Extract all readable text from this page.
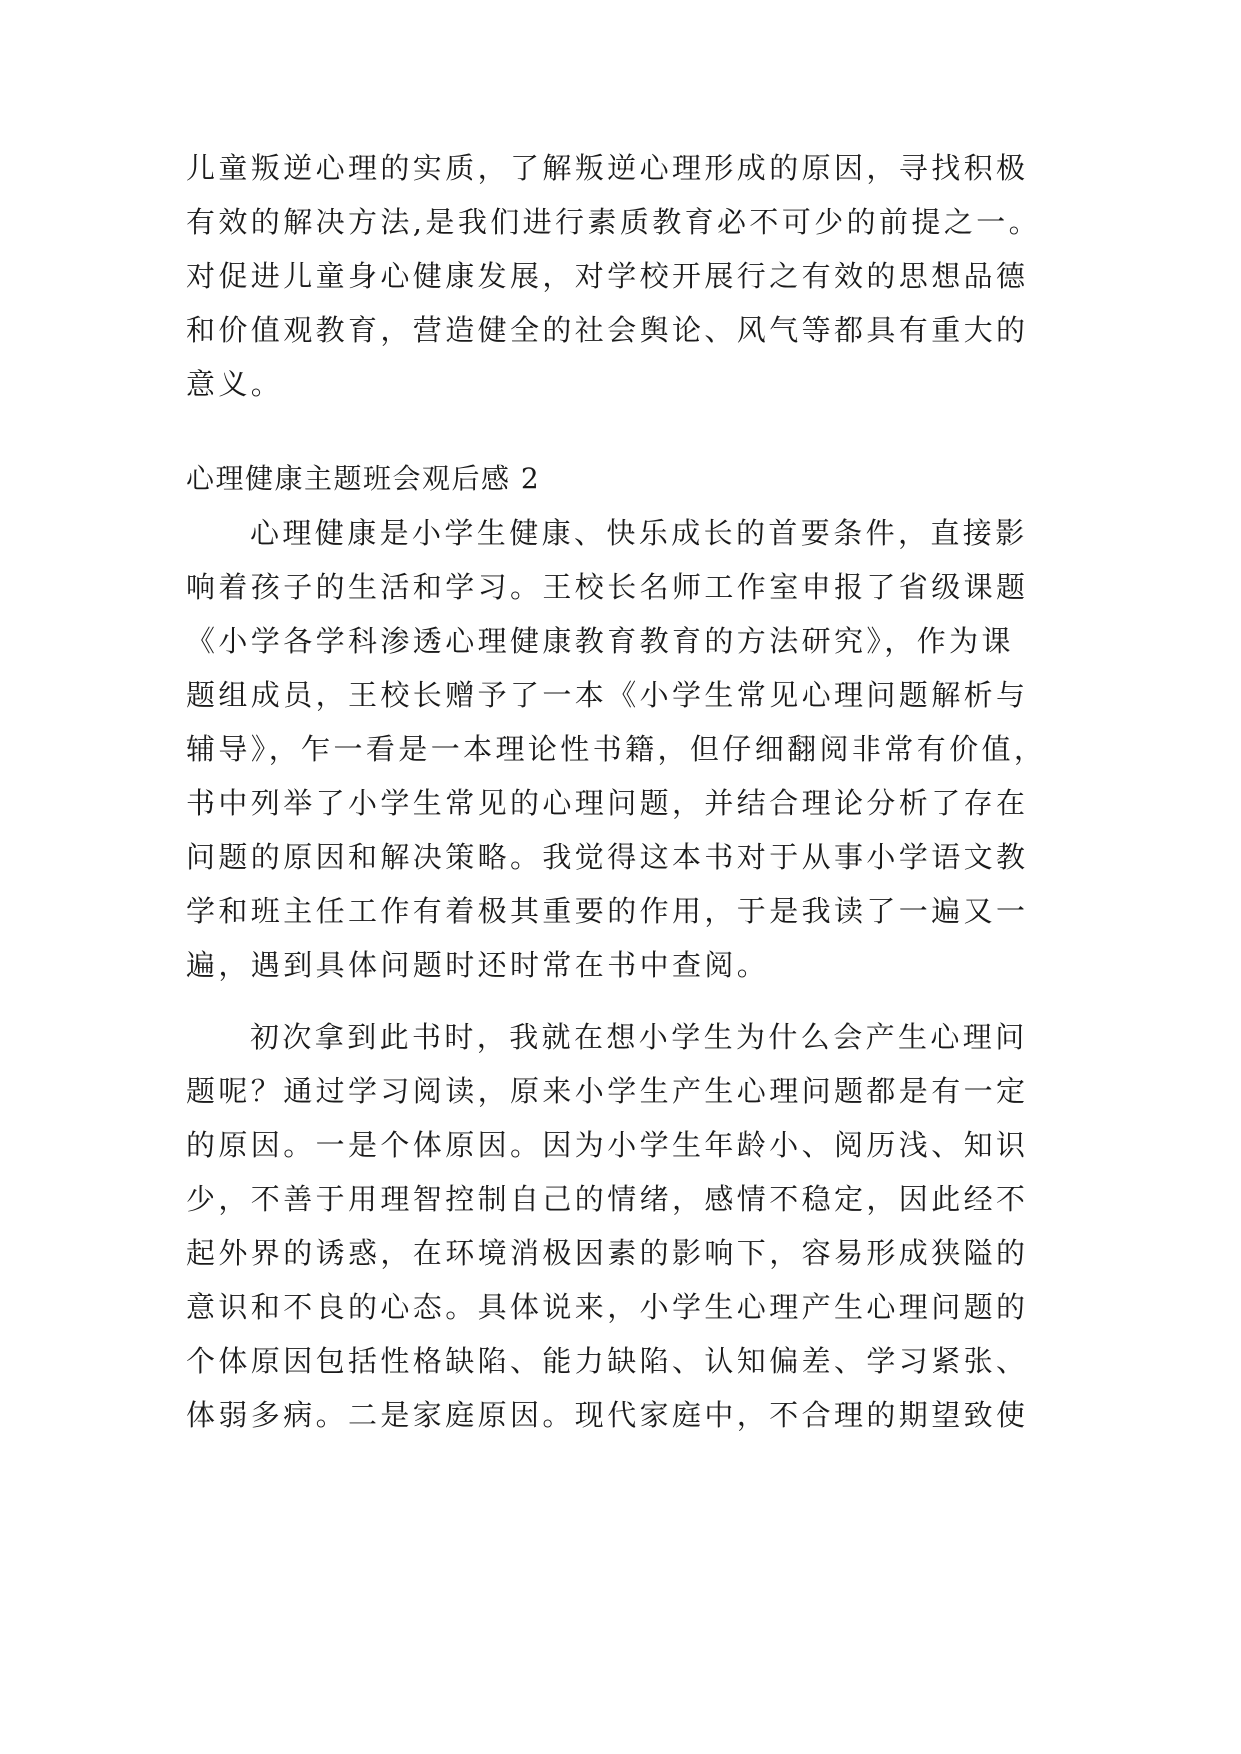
儿童叛逆心理的实质，了解叛逆心理形成的原因，寻找积极
有效的解决方法,是我们进行素质教育必不可少的前提之一。
对促进儿童身心健康发展，对学校开展行之有效的思想品德
和价值观教育，营造健全的社会舆论、风气等都具有重大的
意义。
心理健康主题班会观后感 2
心理健康是小学生健康、快乐成长的首要条件，直接影
响着孩子的生活和学习。王校长名师工作室申报了省级课题
《小学各学科渗透心理健康教育教育的方法研究》，作为课
题组成员，王校长赠予了一本《小学生常见心理问题解析与
辅导》，乍一看是一本理论性书籍，但仔细翻阅非常有价值，
书中列举了小学生常见的心理问题，并结合理论分析了存在
问题的原因和解决策略。我觉得这本书对于从事小学语文教
学和班主任工作有着极其重要的作用，于是我读了一遍又一
遍，遇到具体问题时还时常在书中查阅。
初次拿到此书时，我就在想小学生为什么会产生心理问
题呢？通过学习阅读，原来小学生产生心理问题都是有一定
的原因。一是个体原因。因为小学生年龄小、阅历浅、知识
少，不善于用理智控制自己的情绪，感情不稳定，因此经不
起外界的诱惑，在环境消极因素的影响下，容易形成狭隘的
意识和不良的心态。具体说来，小学生心理产生心理问题的
个体原因包括性格缺陷、能力缺陷、认知偏差、学习紧张、
体弱多病。二是家庭原因。现代家庭中，不合理的期望致使
